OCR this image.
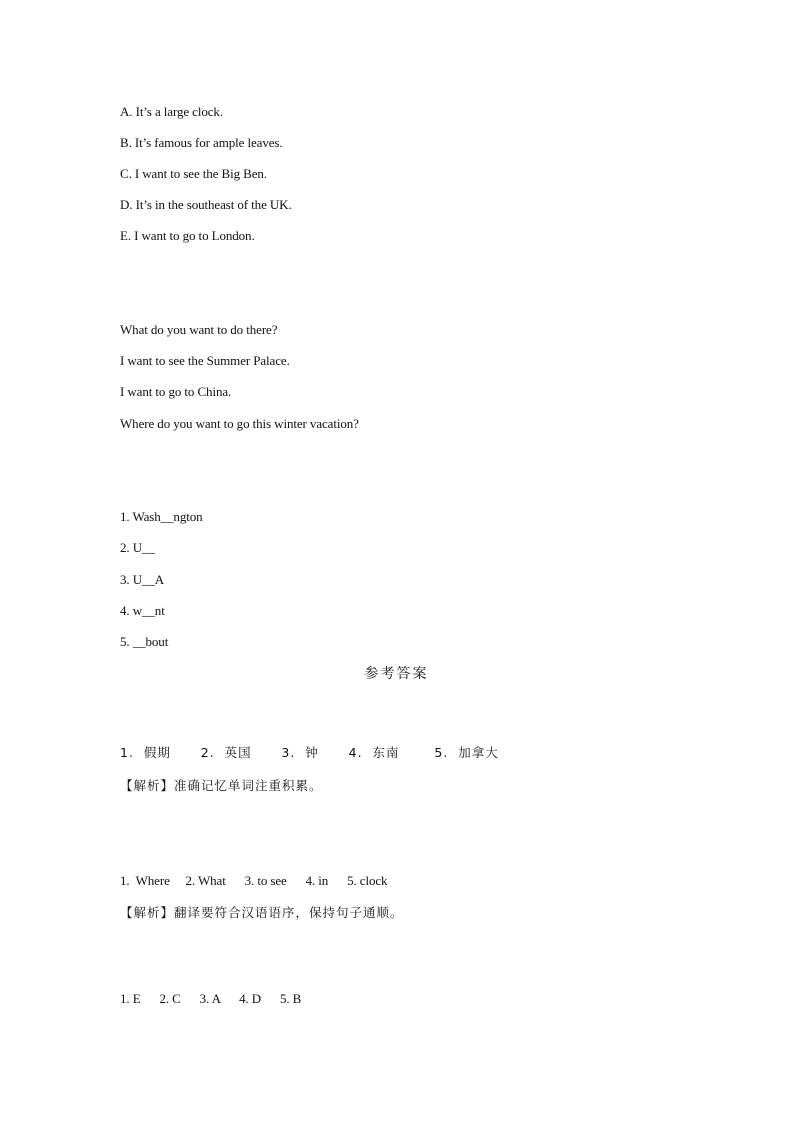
A. It’s a large clock.
B. It’s famous for ample leaves.
C. I want to see the Big Ben.
D. It’s in the southeast of the UK.
E. I want to go to London.
What do you want to do there?
I want to see the Summer Palace.
I want to go to China.
Where do you want to go this winter vacation?
1. Wash__ngton
2. U__
3. U__A
4. w__nt
5. __bout
参考答案
1.  假期      2.  英国      3.  钟      4.  东南       5.  加拿大
【解析】准确记忆单词注重积累。
1.  Where     2. What      3. to see      4. in      5. clock
【解析】翻译要符合汉语语序，保持句子通顺。
1. E      2. C      3. A      4. D      5. B
